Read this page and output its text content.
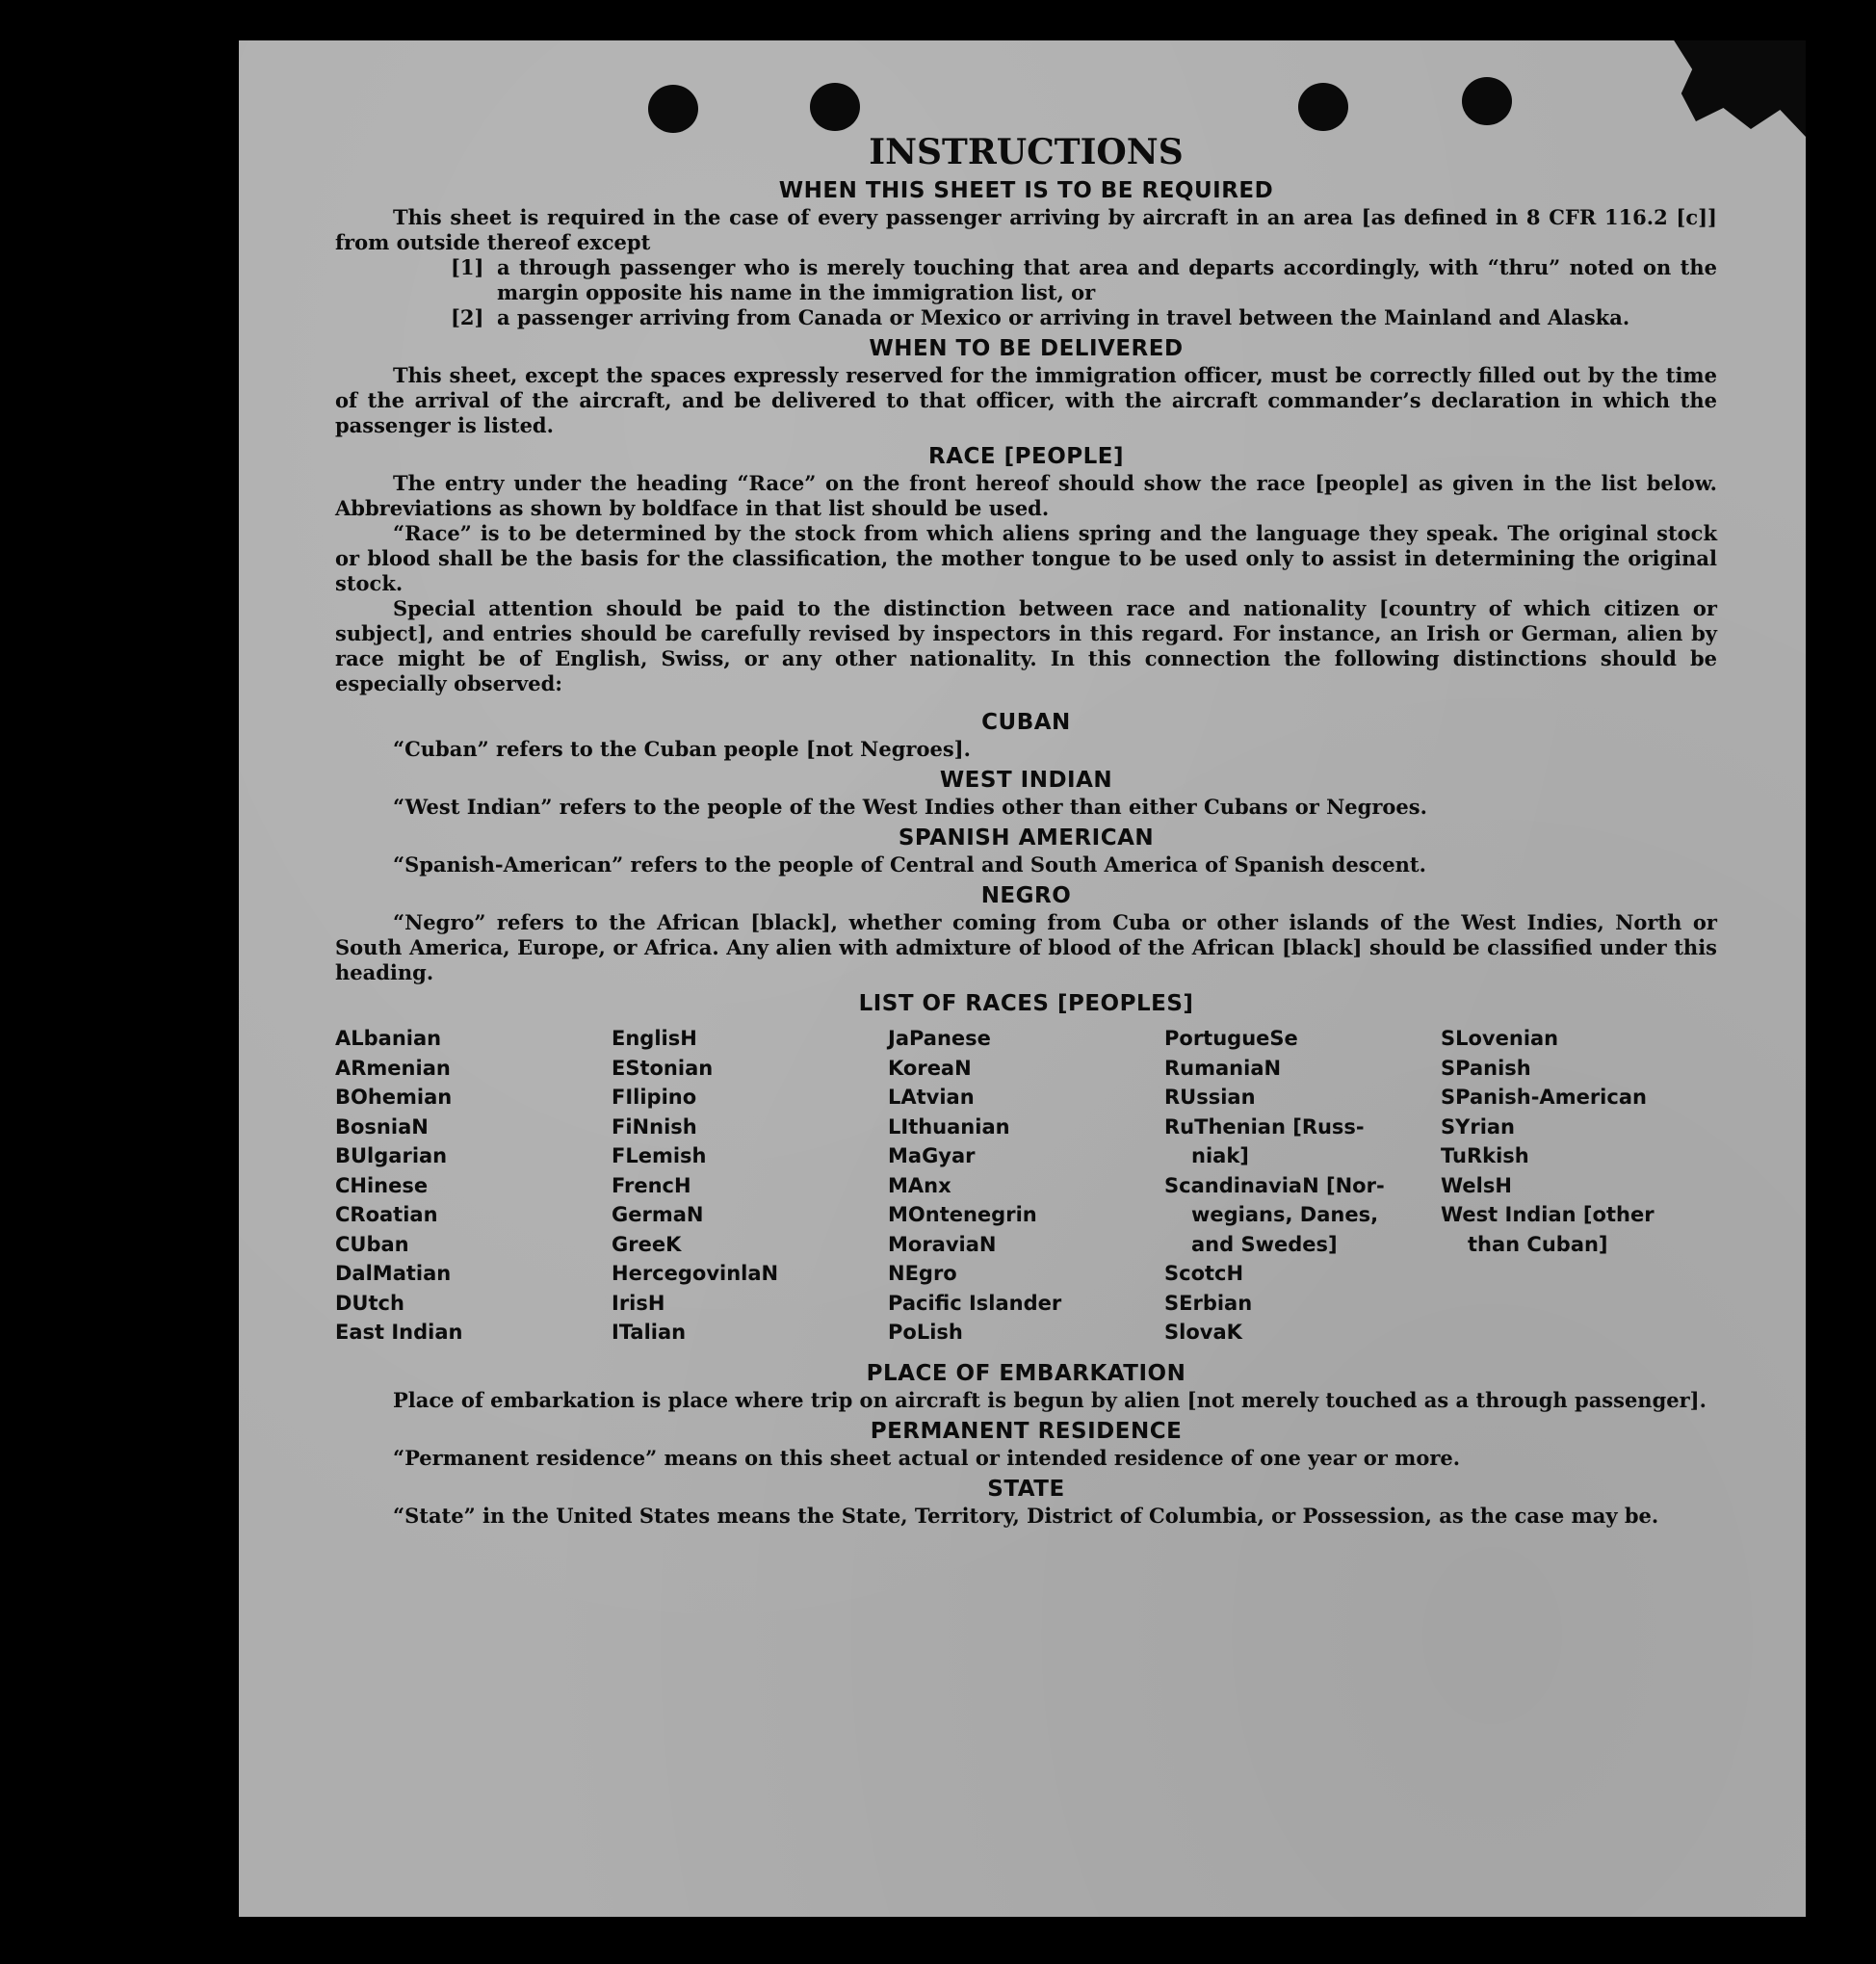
INSTRUCTIONS
WHEN THIS SHEET IS TO BE REQUIRED

This sheet is required in the case of every passenger arriving by aircraft in an area [as defined in 8 CFR 116.2 [c]] from outside thereof except

[1] a through passenger who is merely touching that area and departs accordingly, with “thru” noted on the margin opposite his name in the immigration list, or
[2] a passenger arriving from Canada or Mexico or arriving in travel between the Mainland and Alaska.
WHEN TO BE DELIVERED

This sheet, except the spaces expressly reserved for the immigration officer, must be correctly filled out by the time of the arrival of the aircraft, and be delivered to that officer, with the aircraft commander’s declaration in which the passenger is listed.

RACE [PEOPLE]

The entry under the heading “Race” on the front hereof should show the race [people] as given in the list below. Abbreviations as shown by boldface in that list should be used.

“Race” is to be determined by the stock from which aliens spring and the language they speak. The original stock or blood shall be the basis for the classification, the mother tongue to be used only to assist in determining the original stock.

Special attention should be paid to the distinction between race and nationality [country of which citizen or subject], and entries should be carefully revised by inspectors in this regard. For instance, an Irish or German, alien by race might be of English, Swiss, or any other nationality. In this connection the following distinctions should be especially observed:

CUBAN

“Cuban” refers to the Cuban people [not Negroes].

WEST INDIAN

“West Indian” refers to the people of the West Indies other than either Cubans or Negroes.

SPANISH AMERICAN

“Spanish-American” refers to the people of Central and South America of Spanish descent.

NEGRO

“Negro” refers to the African [black], whether coming from Cuba or other islands of the West Indies, North or South America, Europe, or Africa. Any alien with admixture of blood of the African [black] should be classified under this heading.

LIST OF RACES [PEOPLES]
ALbanian
ARmenian
BOhemian
BosniaN
BUlgarian
CHinese
CRoatian
CUban
DalMatian
DUtch
East Indian
EnglisH
EStonian
FIlipino
FiNnish
FLemish
FrencH
GermaN
GreeK
HercegovinlaN
IrisH
ITalian
JaPanese
KoreaN
LAtvian
LIthuanian
MaGyar
MAnx
MOntenegrin
MoraviaN
NEgro
Pacific Islander
PoLish
PortugueSe
RumaniaN
RUssian
RuThenian [Russ-
niak]
ScandinaviaN [Nor-
wegians, Danes,
and Swedes]
ScotcH
SErbian
SlovaK
SLovenian
SPanish
SPanish-American
SYrian
TuRkish
WelsH
West Indian [other
than Cuban]
PLACE OF EMBARKATION

Place of embarkation is place where trip on aircraft is begun by alien [not merely touched as a through passenger].

PERMANENT RESIDENCE

“Permanent residence” means on this sheet actual or intended residence of one year or more.

STATE

“State” in the United States means the State, Territory, District of Columbia, or Possession, as the case may be.
